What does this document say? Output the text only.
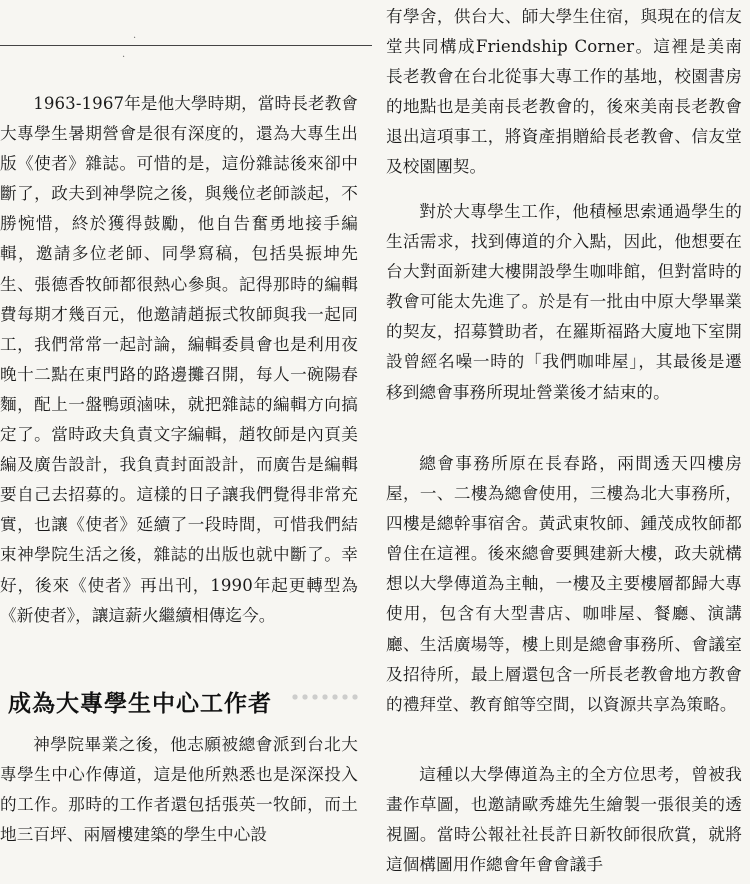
·
·

1963-1967年是他大學時期，當時長老教會大專學生暑期營會是很有深度的，還為大專生出版《使者》雜誌。可惜的是，這份雜誌後來卻中斷了，政夫到神學院之後，與幾位老師談起，不勝惋惜，終於獲得鼓勵，他自告奮勇地接手編輯，邀請多位老師、同學寫稿，包括吳振坤先生、張德香牧師都很熱心參與。記得那時的編輯費每期才幾百元，他邀請趙振弍牧師與我一起同工，我們常常一起討論，編輯委員會也是利用夜晚十二點在東門路的路邊攤召開，每人一碗陽春麵，配上一盤鴨頭滷味，就把雜誌的編輯方向搞定了。當時政夫負責文字編輯，趙牧師是內頁美編及廣告設計，我負責封面設計，而廣告是編輯要自己去招募的。這樣的日子讓我們覺得非常充實，也讓《使者》延續了一段時間，可惜我們結束神學院生活之後，雜誌的出版也就中斷了。幸好，後來《使者》再出刊，1990年起更轉型為《新使者》，讓這薪火繼續相傳迄今。

成為大專學生中心工作者

神學院畢業之後，他志願被總會派到台北大專學生中心作傳道，這是他所熟悉也是深深投入的工作。那時的工作者還包括張英一牧師，而土地三百坪、兩層樓建築的學生中心設

有學舍，供台大、師大學生住宿，與現在的信友堂共同構成Friendship Corner。這裡是美南長老教會在台北從事大專工作的基地，校園書房的地點也是美南長老教會的，後來美南長老教會退出這項事工，將資產捐贈給長老教會、信友堂及校園團契。

對於大專學生工作，他積極思索通過學生的生活需求，找到傳道的介入點，因此，他想要在台大對面新建大樓開設學生咖啡館，但對當時的教會可能太先進了。於是有一批由中原大學畢業的契友，招募贊助者，在羅斯福路大廈地下室開設曾經名噪一時的「我們咖啡屋」，其最後是遷移到總會事務所現址營業後才結束的。

總會事務所原在長春路，兩間透天四樓房屋，一、二樓為總會使用，三樓為北大事務所，四樓是總幹事宿舍。黃武東牧師、鍾茂成牧師都曾住在這裡。後來總會要興建新大樓，政夫就構想以大學傳道為主軸，一樓及主要樓層都歸大專使用，包含有大型書店、咖啡屋、餐廳、演講廳、生活廣場等，樓上則是總會事務所、會議室及招待所，最上層還包含一所長老教會地方教會的禮拜堂、教育館等空間，以資源共享為策略。

這種以大學傳道為主的全方位思考，曾被我畫作草圖，也邀請歐秀雄先生繪製一張很美的透視圖。當時公報社社長許日新牧師很欣賞，就將這個構圖用作總會年會會議手
